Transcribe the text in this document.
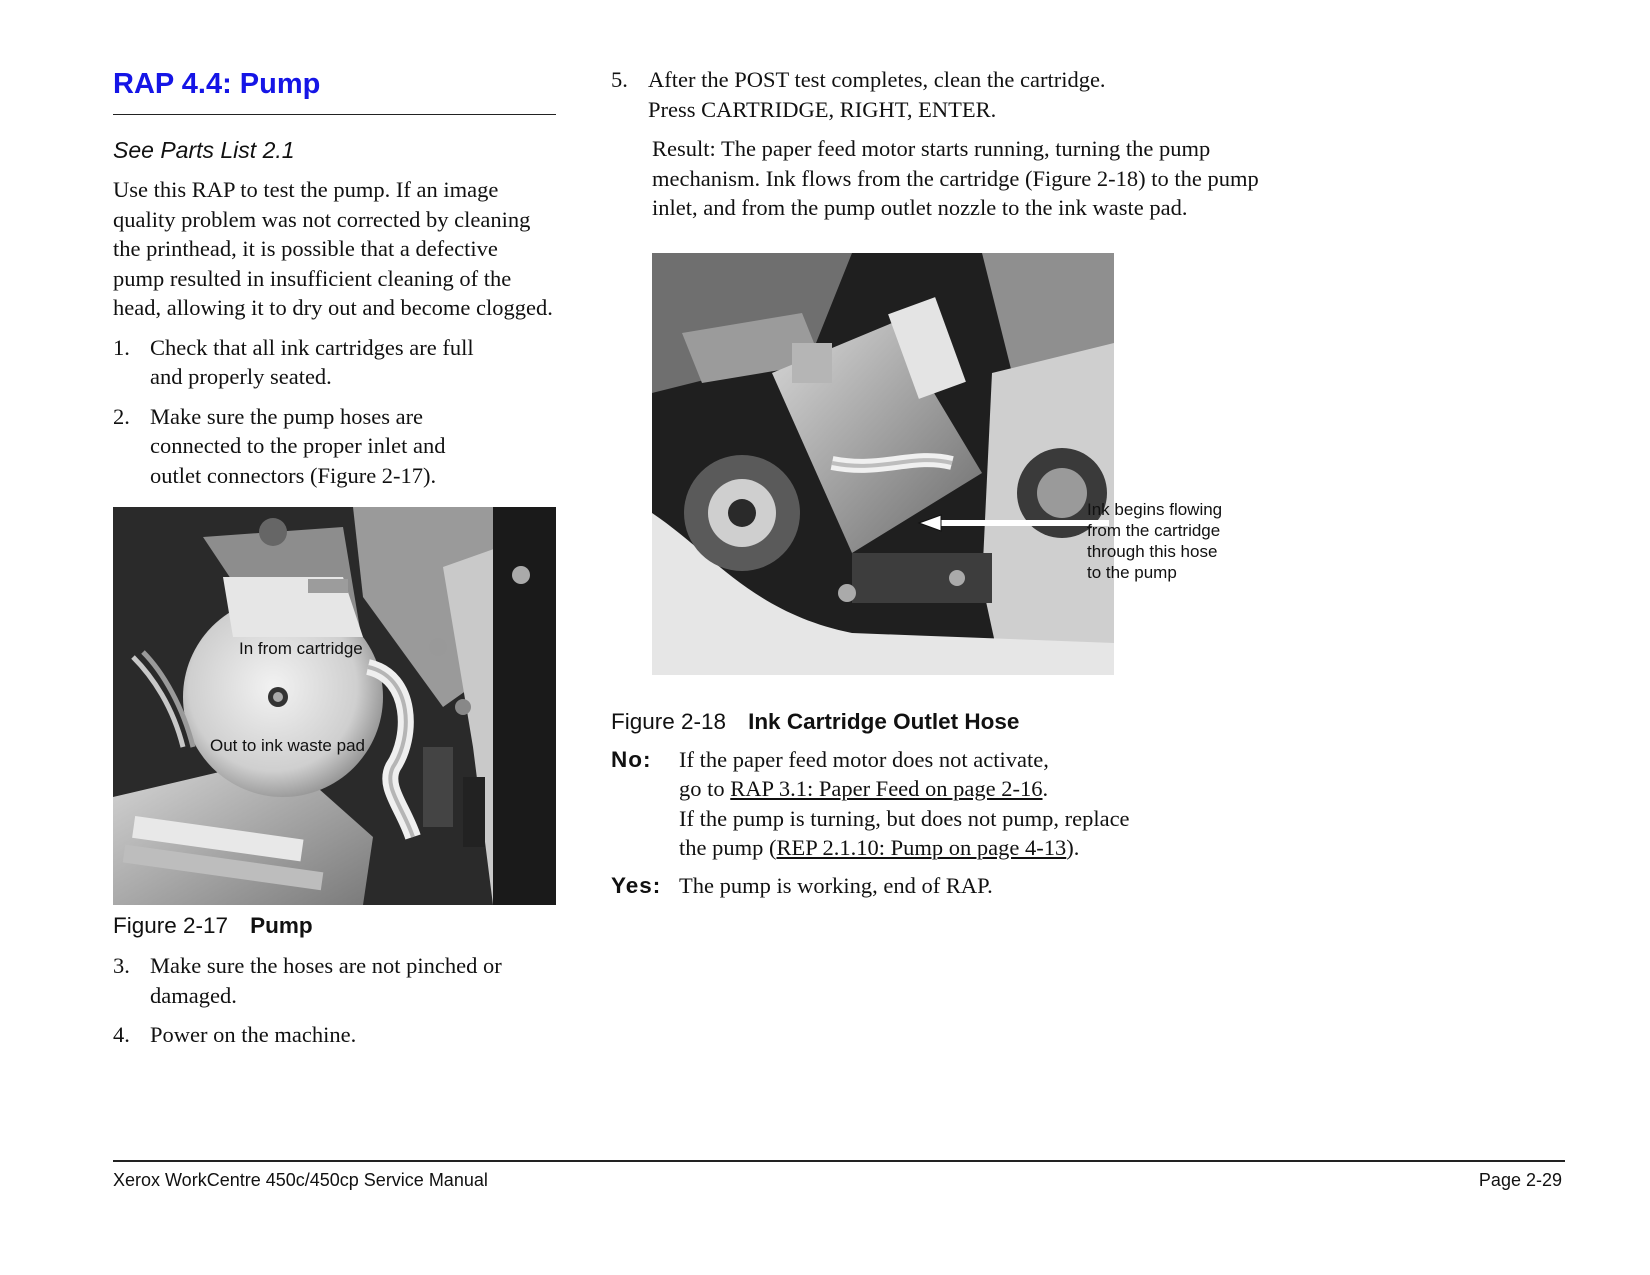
RAP 4.4: Pump
See Parts List 2.1
Use this RAP to test the pump. If an image quality problem was not corrected by cleaning the printhead, it is possible that a defective pump resulted in insufficient cleaning of the head, allowing it to dry out and become clogged.
1. Check that all ink cartridges are full and properly seated.
2. Make sure the pump hoses are connected to the proper inlet and outlet connectors (Figure 2-17).
In from cartridge
Out to ink waste pad
Figure 2-17 Pump
3. Make sure the hoses are not pinched or damaged.
4. Power on the machine.
5. After the POST test completes, clean the cartridge. Press CARTRIDGE, RIGHT, ENTER.
Result: The paper feed motor starts running, turning the pump mechanism. Ink flows from the cartridge (Figure 2-18) to the pump inlet, and from the pump outlet nozzle to the ink waste pad.
Ink begins flowing
from the cartridge
through this hose
to the pump
Figure 2-18 Ink Cartridge Outlet Hose
No: If the paper feed motor does not activate,
go to RAP 3.1: Paper Feed on page 2-16.
If the pump is turning, but does not pump, replace
the pump (REP 2.1.10: Pump on page 4-13).
Yes: The pump is working, end of RAP.
Xerox WorkCentre 450c/450cp Service Manual	Page 2-29
